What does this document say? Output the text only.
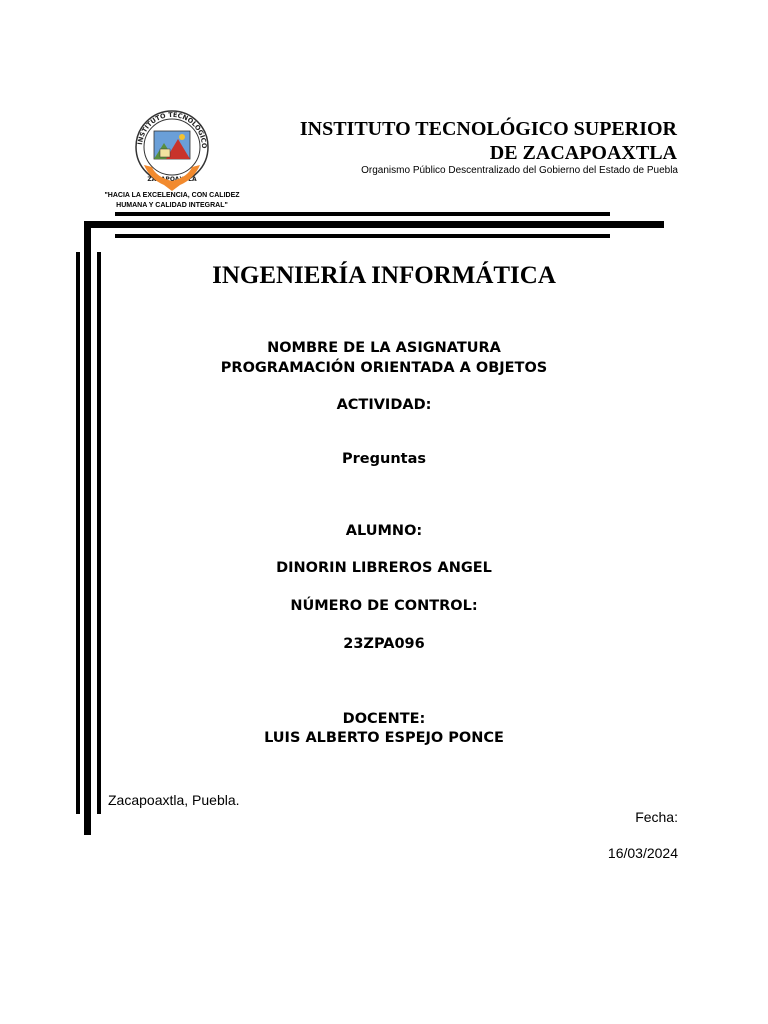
INSTITUTO TECNOLÓGICO
ZACAPOAXTLA
"HACIA LA EXCELENCIA, CON CALIDEZ
HUMANA Y CALIDAD INTEGRAL"
INSTITUTO TECNOLÓGICO SUPERIOR
DE ZACAPOAXTLA
Organismo Público Descentralizado del Gobierno del Estado de Puebla
INGENIERÍA INFORMÁTICA
NOMBRE DE LA ASIGNATURA
PROGRAMACIÓN ORIENTADA A OBJETOS
ACTIVIDAD:
Preguntas
ALUMNO:
DINORIN LIBREROS ANGEL
NÚMERO DE CONTROL:
23ZPA096
DOCENTE:
LUIS ALBERTO ESPEJO PONCE
Zacapoaxtla, Puebla.
Fecha:
16/03/2024
